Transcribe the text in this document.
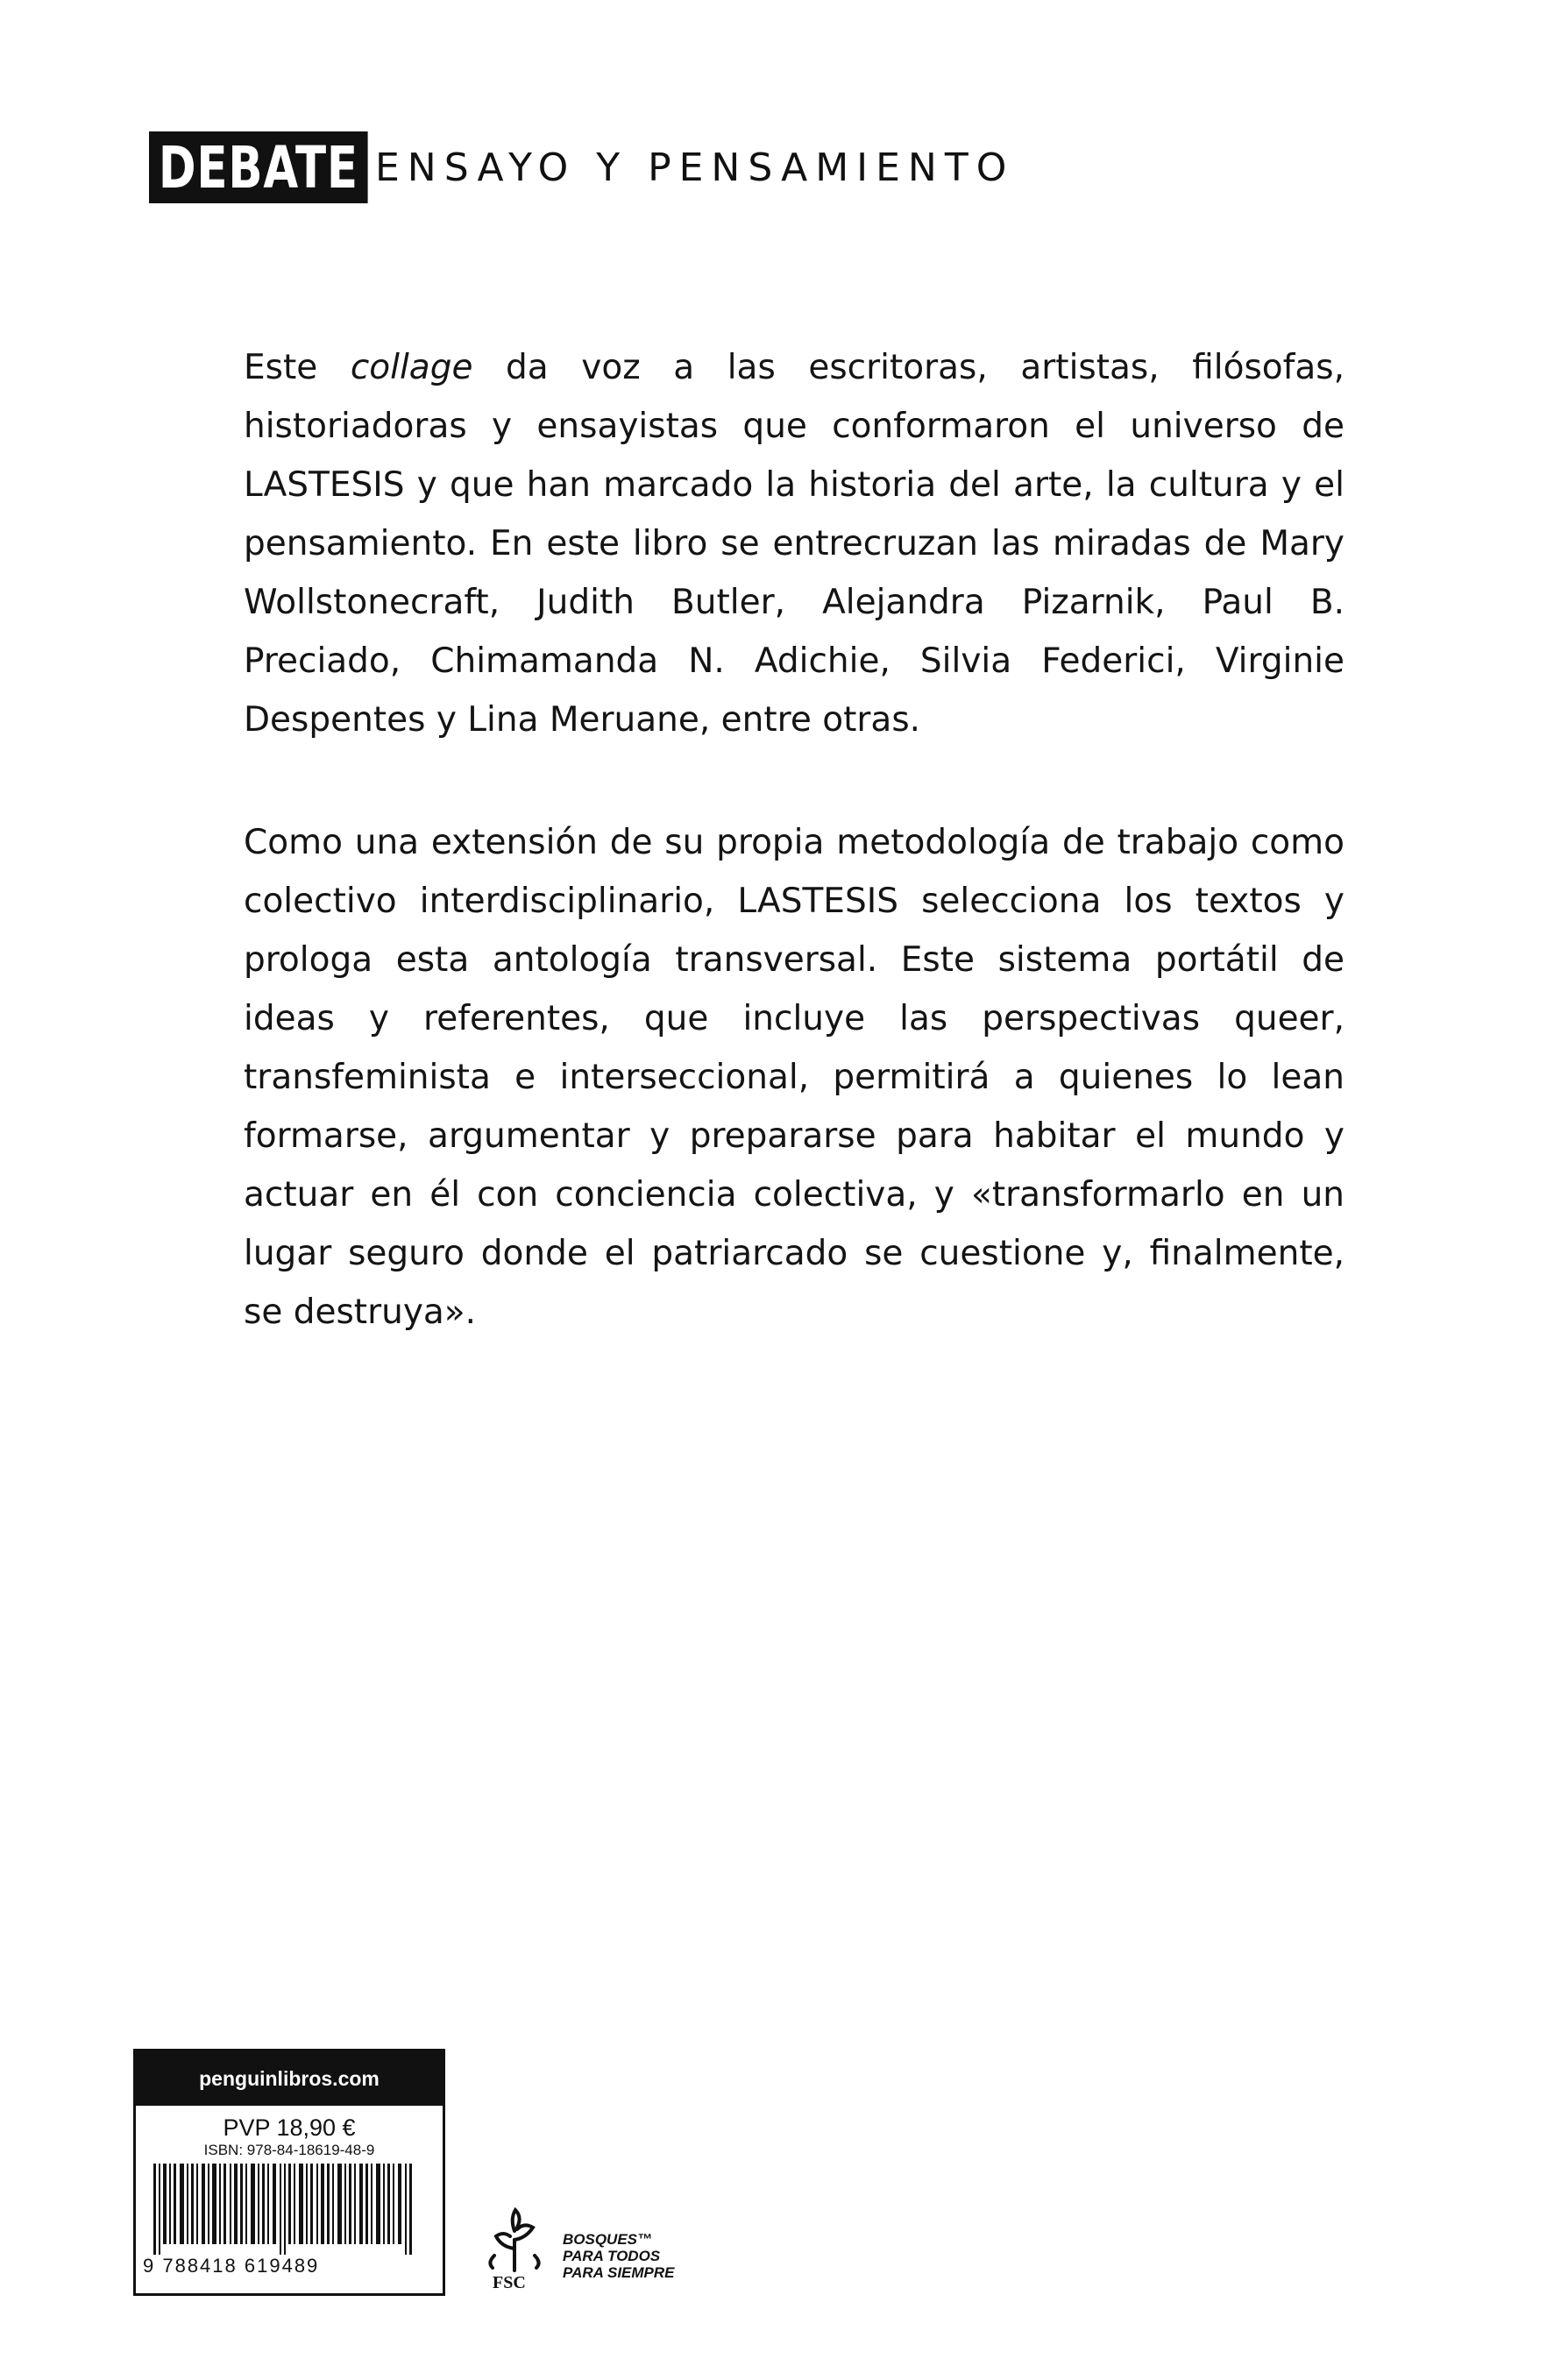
DEBATE ENSAYO Y PENSAMIENTO

Este collage da voz a las escritoras, artistas, filósofas, historiadoras y ensayistas que conformaron el universo de LASTESIS y que han marcado la historia del arte, la cultura y el pensamiento. En este libro se entrecruzan las miradas de Mary Wollstonecraft, Judith Butler, Alejandra Pizarnik, Paul B. Preciado, Chimamanda N. Adichie, Silvia Federici, Virginie Despentes y Lina Meruane, entre otras.

Como una extensión de su propia metodología de trabajo como colectivo interdisciplinario, LASTESIS selecciona los textos y prologa esta antología transversal. Este sistema portátil de ideas y referentes, que incluye las perspectivas queer, transfeminista e interseccional, permitirá a quienes lo lean formarse, argumentar y prepararse para habitar el mundo y actuar en él con conciencia colectiva, y «transformarlo en un lugar seguro donde el patriarcado se cuestione y, finalmente, se destruya».

penguinlibros.com
PVP 18,90 €
ISBN: 978-84-18619-48-9
9 788418 619489
FSC
BOSQUES™
PARA TODOS
PARA SIEMPRE
